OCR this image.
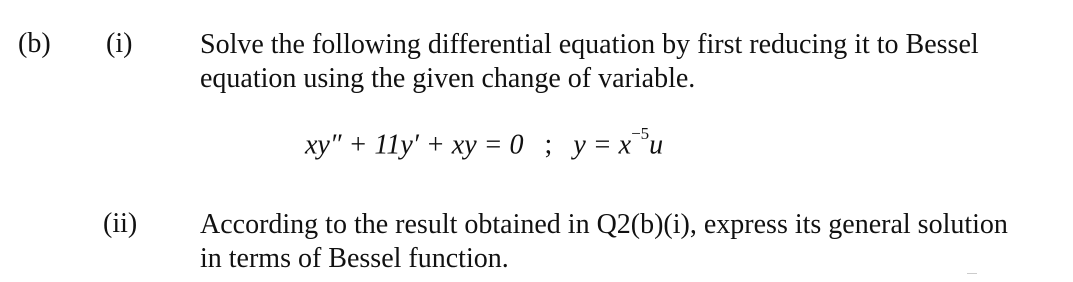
(b) (i) Solve the following differential equation by first reducing it to Bessel
equation using the given change of variable.
xy″ + 11y′ + xy = 0 ; $y = x^{-5}u$
(ii) According to the result obtained in Q2(b)(i), express its general solution
in terms of Bessel function.
